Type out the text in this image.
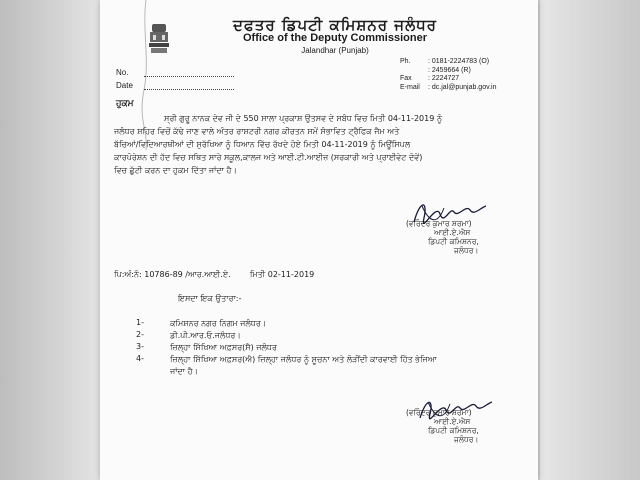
ਦਫਤਰ ਡਿਪਟੀ ਕਮਿਸ਼ਨਰ ਜਲੰਧਰ
Office of the Deputy Commissioner
Jalandhar (Punjab)
No.
Date
Ph. : 0181-2224783 (O)
: 2459664 (R)
Fax : 2224727
E-mail : dc.jal@punjab.gov.in
ਹੁਕਮ
ਸ੍ਰੀ ਗੁਰੂ ਨਾਨਕ ਦੇਵ ਜੀ ਦੇ 550 ਸਾਲਾ ਪ੍ਰਕਾਸ਼ ਉਤਸਵ ਦੇ ਸਬੰਧ ਵਿਚ ਮਿਤੀ 04-11-2019 ਨੂੰ
ਜਲੰਧਰ ਸ਼ਹਿਰ ਵਿਚੋਂ ਕੱਢੇ ਜਾਣ ਵਾਲੇ ਅੰਤਰ ਰਾਸ਼ਟਰੀ ਨਗਰ ਕੀਰਤਨ ਸਮੇਂ ਸੰਭਾਵਿਤ ਟ੍ਰੈਫਿਕ ਜੈਮ ਅਤੇ
ਬੱਚਿਆਂ/ਵਿਦਿਆਰਥੀਆਂ ਦੀ ਸੁਰੱਖਿਆ ਨੂੰ ਧਿਆਨ ਵਿੱਚ ਰੱਖਦੇ ਹੋਏ ਮਿਤੀ 04-11-2019 ਨੂੰ ਮਿਊਂਸਿਪਲ
ਕਾਰਪੋਰੇਸ਼ਨ ਦੀ ਹੱਦ ਵਿਚ ਸਥਿਤ ਸਾਰੇ ਸਕੂਲ,ਕਾਲਜ ਅਤੇ ਆਈ.ਟੀ.ਆਈਜ਼ (ਸਰਕਾਰੀ ਅਤੇ ਪ੍ਰਾਈਵੇਟ ਦੋਵੇਂ)
ਵਿਚ ਛੁੱਟੀ ਕਰਨ ਦਾ ਹੁਕਮ ਦਿੱਤਾ ਜਾਂਦਾ ਹੈ।
(ਵਰਿੰਦਰ ਕੁਮਾਰ ਸ਼ਰਮਾ)
ਆਈ.ਏ.ਐਸ
ਡਿਪਟੀ ਕਮਿਸ਼ਨਰ,
ਜਲੰਧਰ।
ਪਿ:ਅੰ:ਨੰ: 10786-89 /ਆਰ.ਆਈ.ਏ. ਮਿਤੀ 02-11-2019
ਇਸਦਾ ਇਕ ਉਤਾਰਾ:-
1-	ਕਮਿਸ਼ਨਰ ਨਗਰ ਨਿਗਮ ਜਲੰਧਰ।
2-	ਡੀ.ਪੀ.ਆਰ.ਓ.ਜਲੰਧਰ।
3-	ਜ਼ਿਲ੍ਹਾ ਸਿੱਖਿਆ ਅਫ਼ਸਰ(ਸੈ) ਜਲੰਧਰ
4-	ਜ਼ਿਲ੍ਹਾ ਸਿੱਖਿਆ ਅਫ਼ਸਰ(ਐ) ਜ਼ਿਲ੍ਹਾ ਜਲੰਧਰ ਨੂੰ ਸੂਚਨਾ ਅਤੇ ਲੋੜੀਂਦੀ ਕਾਰਵਾਈ ਹਿੱਤ ਭੇਜਿਆ
ਜਾਂਦਾ ਹੈ।
(ਵਰਿੰਦਰ ਕੁਮਾਰ ਸ਼ਰਮਾ)
ਆਈ.ਏ.ਐਸ
ਡਿਪਟੀ ਕਮਿਸ਼ਨਰ,
ਜਲੰਧਰ।
